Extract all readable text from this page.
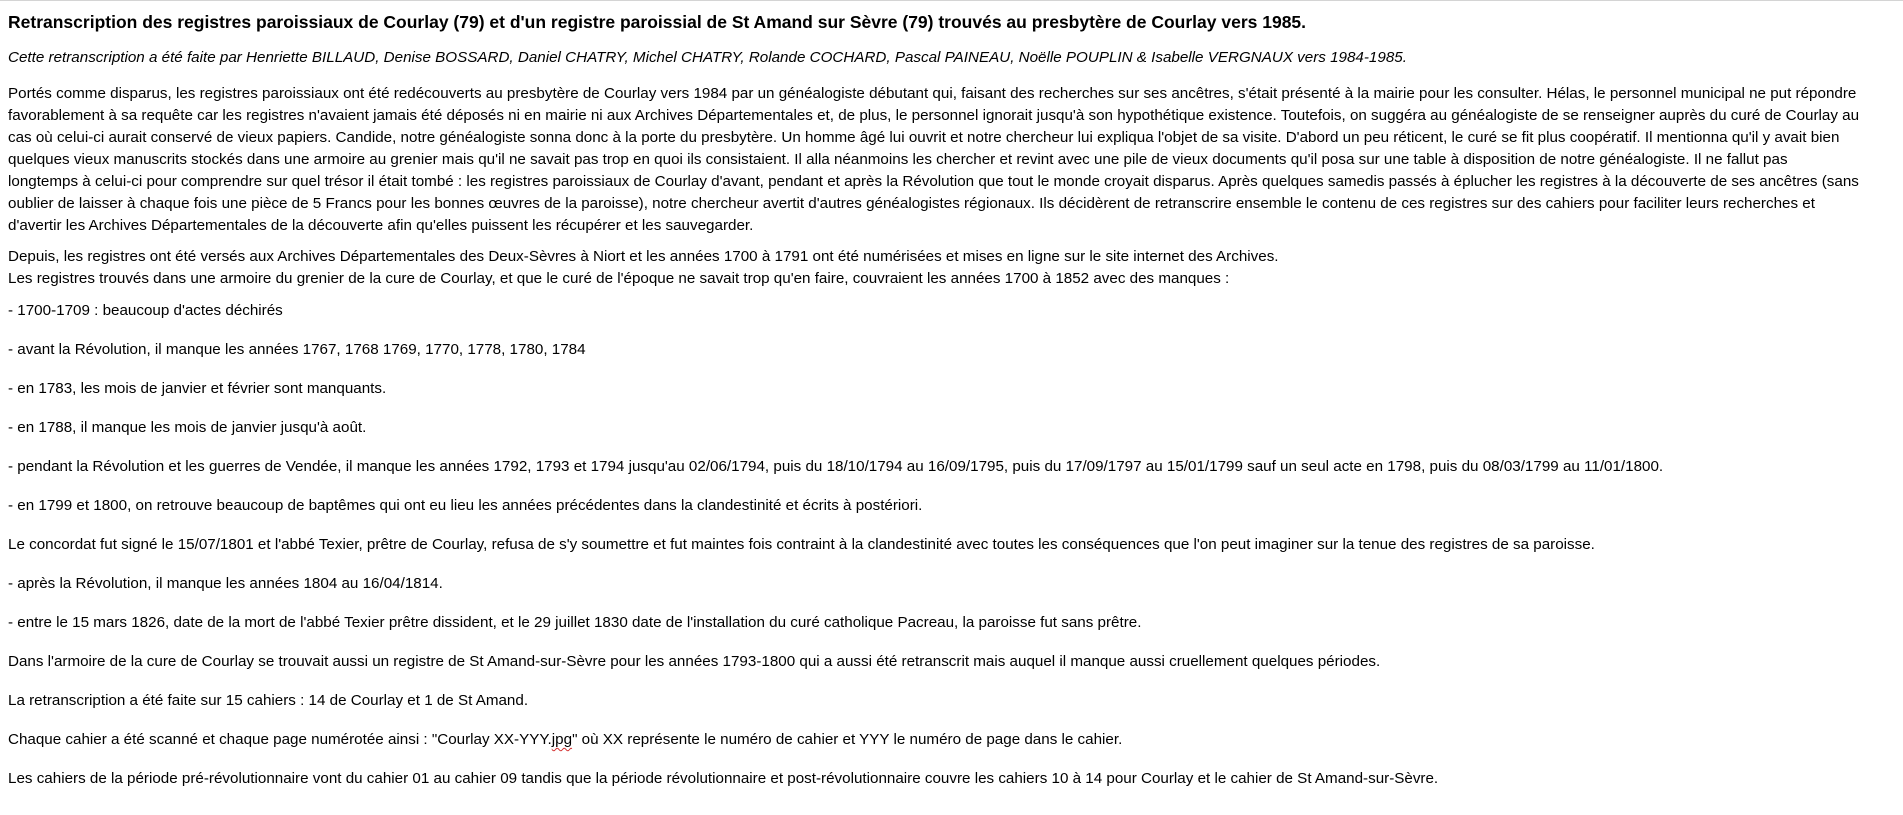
Retranscription des registres paroissiaux de Courlay (79) et d'un registre paroissial de St Amand sur Sèvre (79) trouvés au presbytère de Courlay vers 1985.
Cette retranscription a été faite par Henriette BILLAUD, Denise BOSSARD, Daniel CHATRY, Michel CHATRY, Rolande COCHARD, Pascal PAINEAU, Noëlle POUPLIN & Isabelle VERGNAUX vers 1984-1985.

Portés comme disparus, les registres paroissiaux ont été redécouverts au presbytère de Courlay vers 1984 par un généalogiste débutant qui, faisant des recherches sur ses ancêtres, s'était présenté à la mairie pour les consulter. Hélas, le personnel municipal ne put répondre
favorablement à sa requête car les registres n'avaient jamais été déposés ni en mairie ni aux Archives Départementales et, de plus, le personnel ignorait jusqu'à son hypothétique existence. Toutefois, on suggéra au généalogiste de se renseigner auprès du curé de Courlay au
cas où celui-ci aurait conservé de vieux papiers. Candide, notre généalogiste sonna donc à la porte du presbytère. Un homme âgé lui ouvrit et notre chercheur lui expliqua l'objet de sa visite. D'abord un peu réticent, le curé se fit plus coopératif. Il mentionna qu'il y avait bien
quelques vieux manuscrits stockés dans une armoire au grenier mais qu'il ne savait pas trop en quoi ils consistaient. Il alla néanmoins les chercher et revint avec une pile de vieux documents qu'il posa sur une table à disposition de notre généalogiste. Il ne fallut pas
longtemps à celui-ci pour comprendre sur quel trésor il était tombé : les registres paroissiaux de Courlay d'avant, pendant et après la Révolution que tout le monde croyait disparus. Après quelques samedis passés à éplucher les registres à la découverte de ses ancêtres (sans
oublier de laisser à chaque fois une pièce de 5 Francs pour les bonnes œuvres de la paroisse), notre chercheur avertit d'autres généalogistes régionaux. Ils décidèrent de retranscrire ensemble le contenu de ces registres sur des cahiers pour faciliter leurs recherches et
d'avertir les Archives Départementales de la découverte afin qu'elles puissent les récupérer et les sauvegarder.

Depuis, les registres ont été versés aux Archives Départementales des Deux-Sèvres à Niort et les années 1700 à 1791 ont été numérisées et mises en ligne sur le site internet des Archives.
Les registres trouvés dans une armoire du grenier de la cure de Courlay, et que le curé de l'époque ne savait trop qu'en faire, couvraient les années 1700 à 1852 avec des manques :

- 1700-1709 : beaucoup d'actes déchirés

- avant la Révolution, il manque les années 1767, 1768 1769, 1770, 1778, 1780, 1784

- en 1783, les mois de janvier et février sont manquants.

- en 1788, il manque les mois de janvier jusqu'à août.

- pendant la Révolution et les guerres de Vendée, il manque les années 1792, 1793 et 1794 jusqu'au 02/06/1794, puis du 18/10/1794 au 16/09/1795, puis du 17/09/1797 au 15/01/1799 sauf un seul acte en 1798, puis du 08/03/1799 au 11/01/1800.

- en 1799 et 1800, on retrouve beaucoup de baptêmes qui ont eu lieu les années précédentes dans la clandestinité et écrits à postériori.

Le concordat fut signé le 15/07/1801 et l'abbé Texier, prêtre de Courlay, refusa de s'y soumettre et fut maintes fois contraint à la clandestinité avec toutes les conséquences que l'on peut imaginer sur la tenue des registres de sa paroisse.

- après la Révolution, il manque les années 1804 au 16/04/1814.

- entre le 15 mars 1826, date de la mort de l'abbé Texier prêtre dissident, et le 29 juillet 1830 date de l'installation du curé catholique Pacreau, la paroisse fut sans prêtre.

Dans l'armoire de la cure de Courlay se trouvait aussi un registre de St Amand-sur-Sèvre pour les années 1793-1800 qui a aussi été retranscrit mais auquel il manque aussi cruellement quelques périodes.

La retranscription a été faite sur 15 cahiers : 14 de Courlay et 1 de St Amand.

Chaque cahier a été scanné et chaque page numérotée ainsi : "Courlay XX-YYY.jpg" où XX représente le numéro de cahier et YYY le numéro de page dans le cahier.

Les cahiers de la période pré-révolutionnaire vont du cahier 01 au cahier 09 tandis que la période révolutionnaire et post-révolutionnaire couvre les cahiers 10 à 14 pour Courlay et le cahier de St Amand-sur-Sèvre.
